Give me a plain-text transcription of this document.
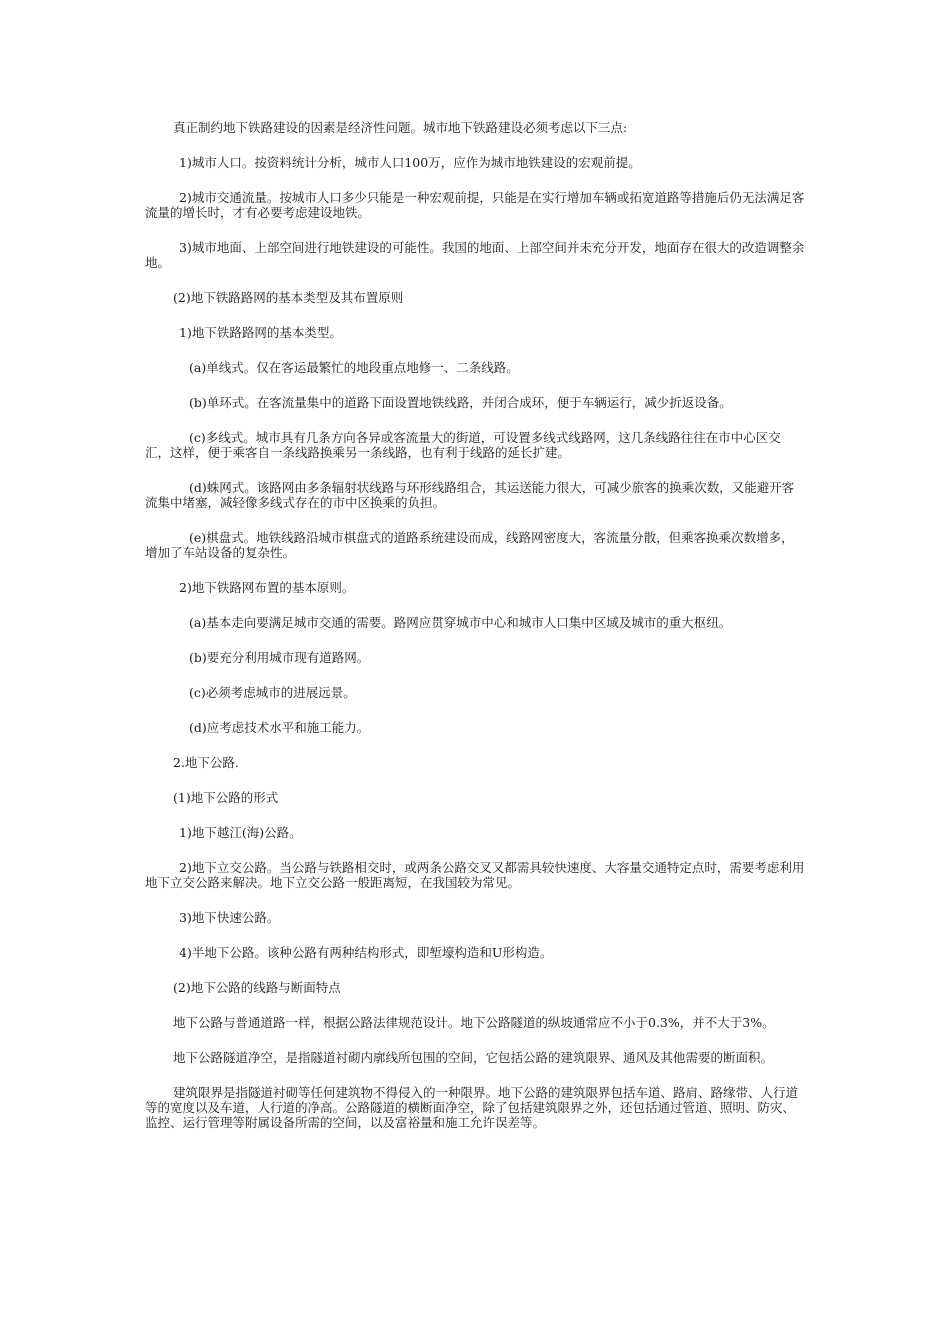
真正制约地下铁路建设的因素是经济性问题。城市地下铁路建设必须考虑以下三点:

1)城市人口。按资料统计分析，城市人口100万，应作为城市地铁建设的宏观前提。

2)城市交通流量。按城市人口多少只能是一种宏观前提，只能是在实行增加车辆或拓宽道路等措施后仍无法满足客流量的增长时，才有必要考虑建设地铁。

3)城市地面、上部空间进行地铁建设的可能性。我国的地面、上部空间并未充分开发，地面存在很大的改造调整余地。

(2)地下铁路路网的基本类型及其布置原则

1)地下铁路路网的基本类型。

(a)单线式。仅在客运最繁忙的地段重点地修一、二条线路。

(b)单环式。在客流量集中的道路下面设置地铁线路，并闭合成环，便于车辆运行，减少折返设备。

(c)多线式。城市具有几条方向各异或客流量大的街道，可设置多线式线路网，这几条线路往往在市中心区交汇，这样，便于乘客自一条线路换乘另一条线路，也有利于线路的延长扩建。

(d)蛛网式。该路网由多条辐射状线路与环形线路组合，其运送能力很大，可减少旅客的换乘次数，又能避开客流集中堵塞，减轻像多线式存在的市中区换乘的负担。

(e)棋盘式。地铁线路沿城市棋盘式的道路系统建设而成，线路网密度大，客流量分散，但乘客换乘次数增多，增加了车站设备的复杂性。

2)地下铁路网布置的基本原则。

(a)基本走向要满足城市交通的需要。路网应贯穿城市中心和城市人口集中区域及城市的重大枢纽。

(b)要充分利用城市现有道路网。

(c)必须考虑城市的进展远景。

(d)应考虑技术水平和施工能力。

2.地下公路.

(1)地下公路的形式

1)地下越江(海)公路。

2)地下立交公路。当公路与铁路相交时，或两条公路交叉又都需具较快速度、大容量交通特定点时，需要考虑利用地下立交公路来解决。地下立交公路一般距离短，在我国较为常见。

3)地下快速公路。

4)半地下公路。该种公路有两种结构形式，即堑壕构造和U形构造。

(2)地下公路的线路与断面特点

地下公路与普通道路一样，根据公路法律规范设计。地下公路隧道的纵坡通常应不小于0.3%，并不大于3%。

地下公路隧道净空，是指隧道衬砌内廓线所包围的空间，它包括公路的建筑限界、通风及其他需要的断面积。

建筑限界是指隧道衬砌等任何建筑物不得侵入的一种限界。地下公路的建筑限界包括车道、路肩、路缘带、人行道等的宽度以及车道，人行道的净高。公路隧道的横断面净空，除了包括建筑限界之外，还包括通过管道、照明、防灾、监控、运行管理等附属设备所需的空间，以及富裕量和施工允许误差等。
